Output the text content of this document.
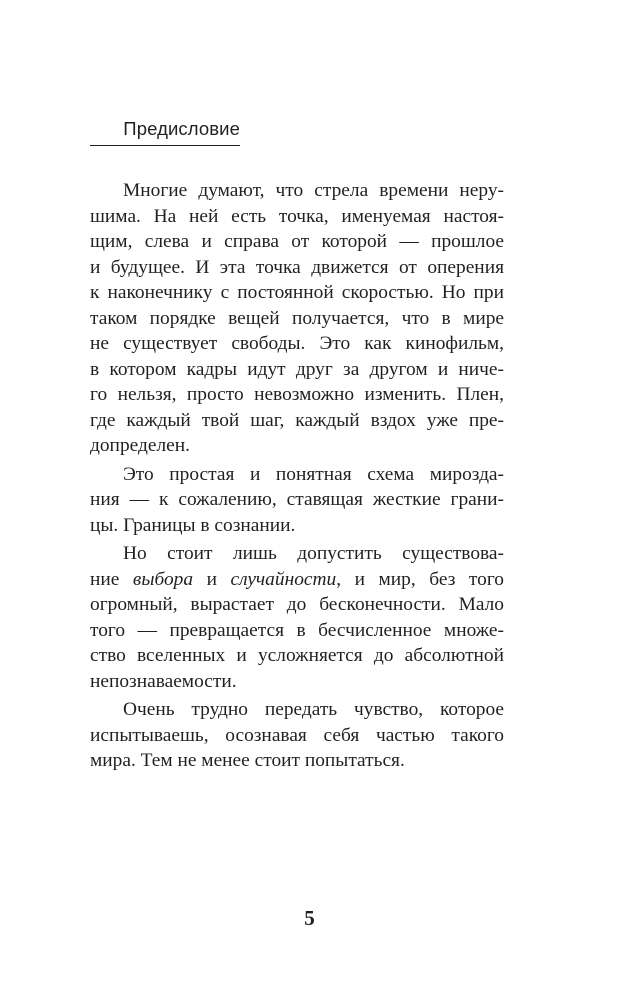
Предисловие
Многие думают, что стрела времени неру-
шима. На ней есть точка, именуемая настоя-
щим, слева и справа от которой — прошлое
и будущее. И эта точка движется от оперения
к наконечнику с постоянной скоростью. Но при
таком порядке вещей получается, что в мире
не существует свободы. Это как кинофильм,
в котором кадры идут друг за другом и ниче-
го нельзя, просто невозможно изменить. Плен,
где каждый твой шаг, каждый вздох уже пре-
допределен.
Это простая и понятная схема мирозда-
ния — к сожалению, ставящая жесткие грани-
цы. Границы в сознании.
Но стоит лишь допустить существова-
ние выбора и случайности, и мир, без того
огромный, вырастает до бесконечности. Мало
того — превращается в бесчисленное множе-
ство вселенных и усложняется до абсолютной
непознаваемости.
Очень трудно передать чувство, которое
испытываешь, осознавая себя частью такого
мира. Тем не менее стоит попытаться.
5
